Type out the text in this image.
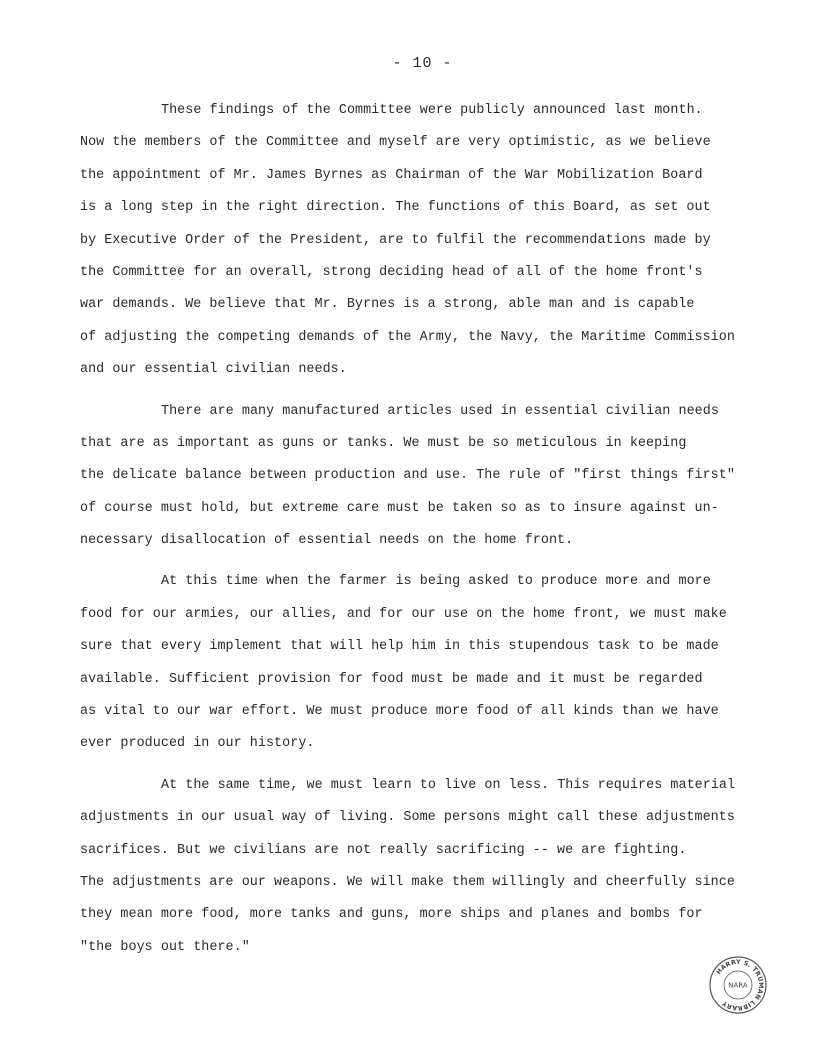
- 10 -
These findings of the Committee were publicly announced last month.
Now the members of the Committee and myself are very optimistic, as we believe
the appointment of Mr. James Byrnes as Chairman of the War Mobilization Board
is a long step in the right direction. The functions of this Board, as set out
by Executive Order of the President, are to fulfil the recommendations made by
the Committee for an overall, strong deciding head of all of the home front's
war demands. We believe that Mr. Byrnes is a strong, able man and is capable
of adjusting the competing demands of the Army, the Navy, the Maritime Commission
and our essential civilian needs.
There are many manufactured articles used in essential civilian needs
that are as important as guns or tanks. We must be so meticulous in keeping
the delicate balance between production and use. The rule of "first things first"
of course must hold, but extreme care must be taken so as to insure against un-
necessary disallocation of essential needs on the home front.
At this time when the farmer is being asked to produce more and more
food for our armies, our allies, and for our use on the home front, we must make
sure that every implement that will help him in this stupendous task to be made
available. Sufficient provision for food must be made and it must be regarded
as vital to our war effort. We must produce more food of all kinds than we have
ever produced in our history.
At the same time, we must learn to live on less. This requires material
adjustments in our usual way of living. Some persons might call these adjustments
sacrifices. But we civilians are not really sacrificing -- we are fighting.
The adjustments are our weapons. We will make them willingly and cheerfully since
they mean more food, more tanks and guns, more ships and planes and bombs for
"the boys out there."
HARRY S. TRUMAN LIBRARY
NARA
